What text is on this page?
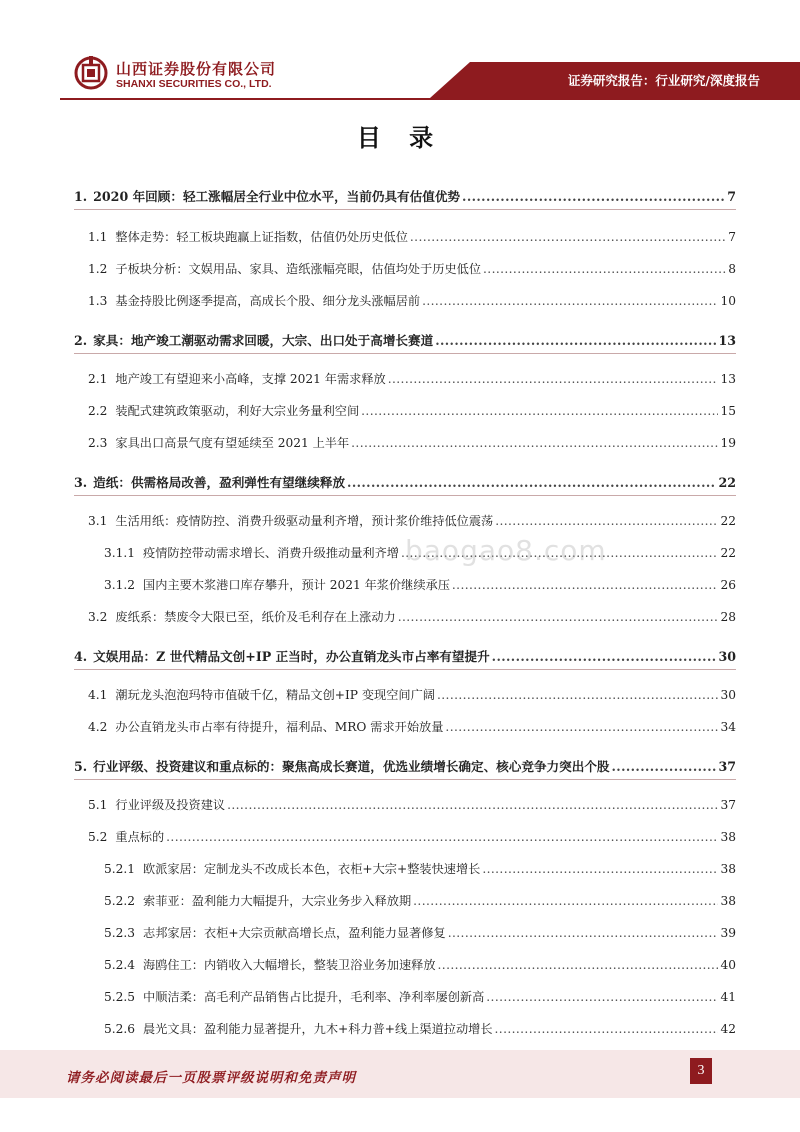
山西证券股份有限公司
SHANXI SECURITIES CO., LTD.	证券研究报告：行业研究/深度报告
目 录
1. 2020 年回顾：轻工涨幅居全行业中位水平，当前仍具有估值优势 .....	7
1.1 整体走势：轻工板块跑赢上证指数，估值仍处历史低位 .....	7
1.2 子板块分析：文娱用品、家具、造纸涨幅亮眼，估值均处于历史低位 .....	8
1.3 基金持股比例逐季提高，高成长个股、细分龙头涨幅居前 .....	10
2. 家具：地产竣工潮驱动需求回暖，大宗、出口处于高增长赛道 .....	13
2.1 地产竣工有望迎来小高峰，支撑 2021 年需求释放 .....	13
2.2 装配式建筑政策驱动，利好大宗业务量利空间 .....	15
2.3 家具出口高景气度有望延续至 2021 上半年 .....	19
3. 造纸：供需格局改善，盈利弹性有望继续释放 .....	22
3.1 生活用纸：疫情防控、消费升级驱动量利齐增，预计浆价维持低位震荡 .....	22
3.1.1 疫情防控带动需求增长、消费升级推动量利齐增 .....	22
3.1.2 国内主要木浆港口库存攀升，预计 2021 年浆价继续承压 .....	26
3.2 废纸系：禁废令大限已至，纸价及毛利存在上涨动力 .....	28
4. 文娱用品：Z 世代精品文创+IP 正当时，办公直销龙头市占率有望提升 .....	30
4.1 潮玩龙头泡泡玛特市值破千亿，精品文创+IP 变现空间广阔 .....	30
4.2 办公直销龙头市占率有待提升，福利品、MRO 需求开始放量 .....	34
5. 行业评级、投资建议和重点标的：聚焦高成长赛道，优选业绩增长确定、核心竞争力突出个股 .....	37
5.1 行业评级及投资建议 .....	37
5.2 重点标的 .....	38
5.2.1 欧派家居：定制龙头不改成长本色，衣柜+大宗+整装快速增长 .....	38
5.2.2 索菲亚：盈利能力大幅提升，大宗业务步入释放期 .....	38
5.2.3 志邦家居：衣柜+大宗贡献高增长点，盈利能力显著修复 .....	39
5.2.4 海鸥住工：内销收入大幅增长，整装卫浴业务加速释放 .....	40
5.2.5 中顺洁柔：高毛利产品销售占比提升，毛利率、净利率屡创新高 .....	41
5.2.6 晨光文具：盈利能力显著提升，九木+科力普+线上渠道拉动增长 .....	42
baogao8.com
请务必阅读最后一页股票评级说明和免责声明	3
